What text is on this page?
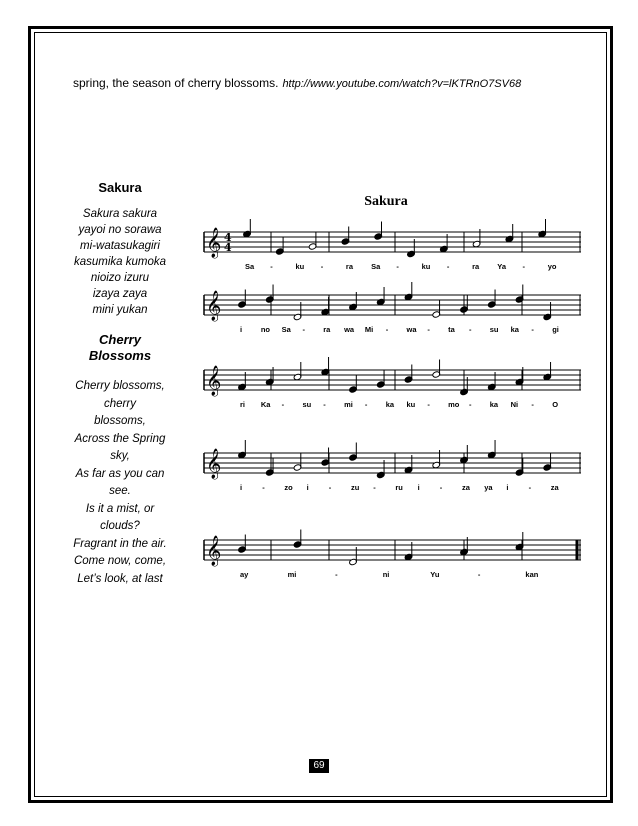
spring, the season of cherry blossoms. http://www.youtube.com/watch?v=lKTRnO7SV68
Sakura
Sakura sakura
yayoi no sorawa
mi-watasukagiri
kasumika kumoka
nioizo izuru
izaya zaya
mini yukan
Cherry
Blossoms
Cherry blossoms,
cherry
blossoms,
Across the Spring
sky,
As far as you can
see.
Is it a mist, or
clouds?
Fragrant in the air.
Come now, come,
Let’s look, at last
Sakura
𝄞 4
4
Sa -	ku -	ra Sa -	ku -	ra Ya -	yo
𝄞
i no Sa - ra wa Mi - wa - ta - su ka - gi
𝄞
ri Ka - su - mi - ka ku - mo - ka Ni - O
𝄞
i	-	zo i	-	zu -	ru i	-	za ya i	-	za
𝄞
ay	mi	-	ni	Yu	-	kan
69
